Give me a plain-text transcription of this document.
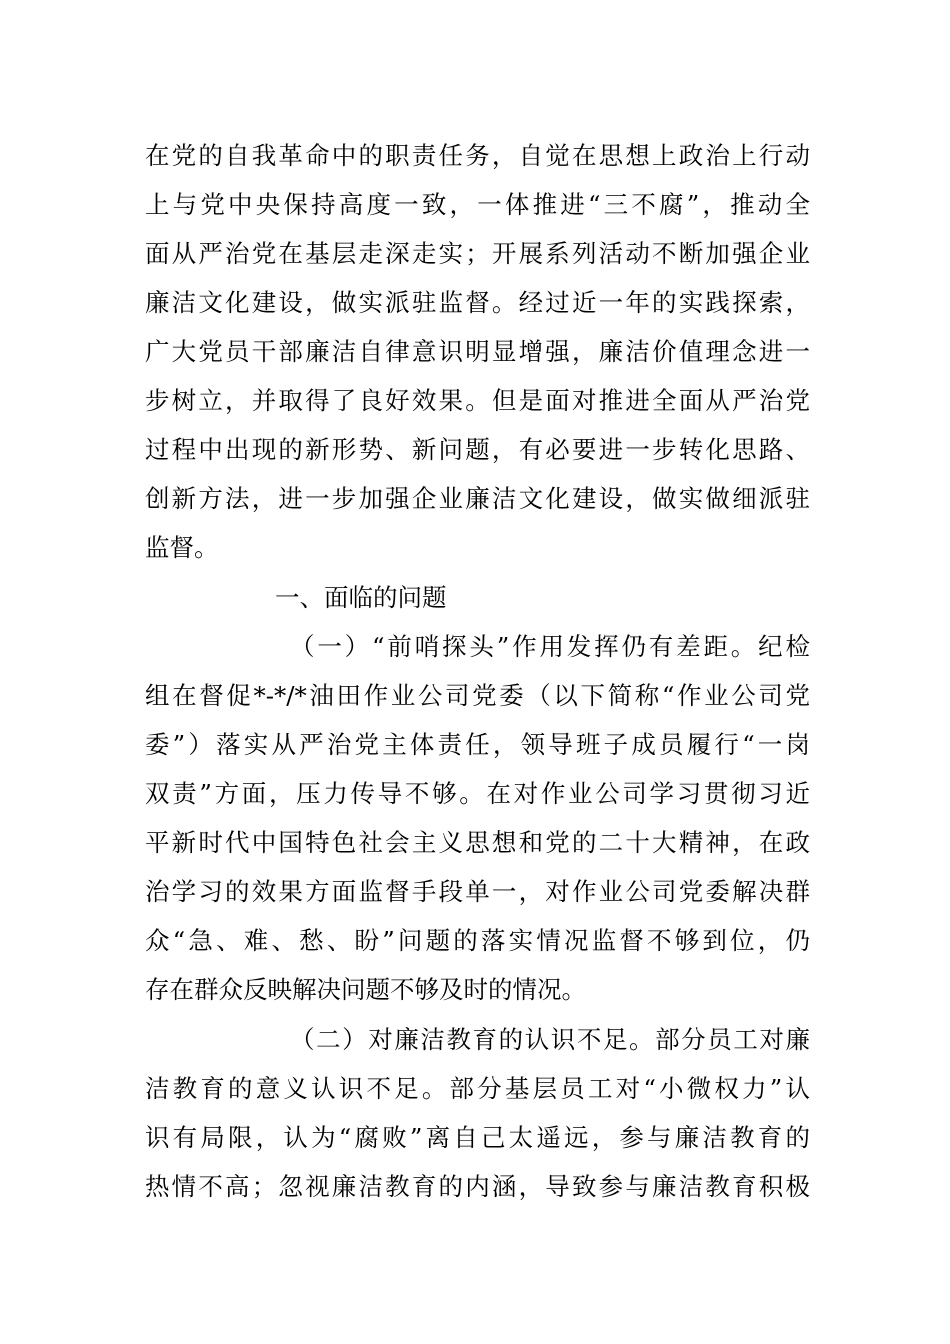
在党的自我革命中的职责任务，自觉在思想上政治上行动
上与党中央保持高度一致，一体推进“三不腐”，推动全
面从严治党在基层走深走实；开展系列活动不断加强企业
廉洁文化建设，做实派驻监督。经过近一年的实践探索，
广大党员干部廉洁自律意识明显增强，廉洁价值理念进一
步树立，并取得了良好效果。但是面对推进全面从严治党
过程中出现的新形势、新问题，有必要进一步转化思路、
创新方法，进一步加强企业廉洁文化建设，做实做细派驻
监督。
一、面临的问题
（一）“前哨探头”作用发挥仍有差距。纪检
组在督促*-*/*油田作业公司党委（以下简称“作业公司党
委”）落实从严治党主体责任，领导班子成员履行“一岗
双责”方面，压力传导不够。在对作业公司学习贯彻习近
平新时代中国特色社会主义思想和党的二十大精神，在政
治学习的效果方面监督手段单一，对作业公司党委解决群
众“急、难、愁、盼”问题的落实情况监督不够到位，仍
存在群众反映解决问题不够及时的情况。
（二）对廉洁教育的认识不足。部分员工对廉
洁教育的意义认识不足。部分基层员工对“小微权力”认
识有局限，认为“腐败”离自己太遥远，参与廉洁教育的
热情不高；忽视廉洁教育的内涵，导致参与廉洁教育积极
